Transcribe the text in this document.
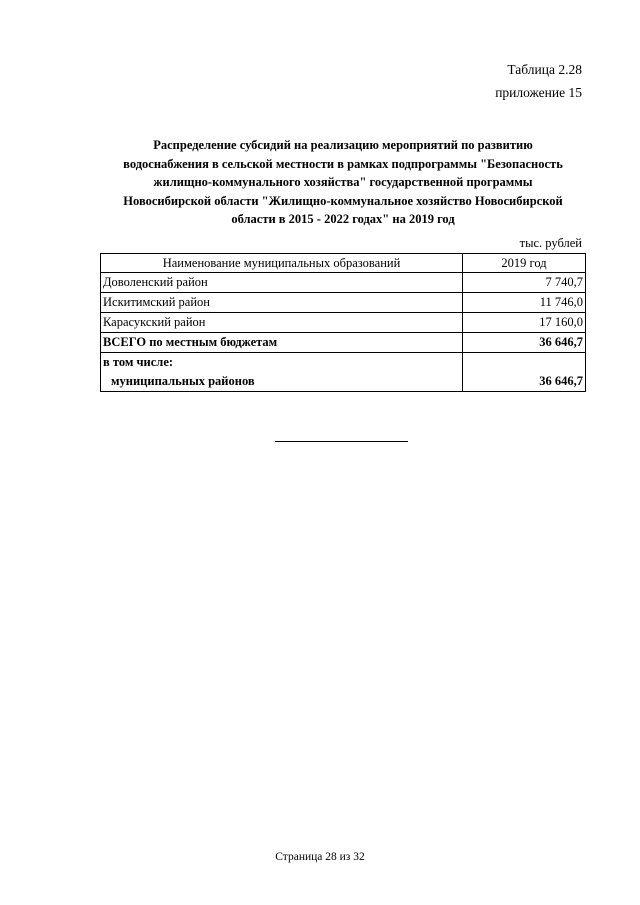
Таблица 2.28
приложение 15
Распределение субсидий на реализацию мероприятий по развитию
водоснабжения в сельской местности в рамках подпрограммы "Безопасность
жилищно-коммунального хозяйства" государственной программы
Новосибирской области "Жилищно-коммунальное хозяйство Новосибирской
области в 2015 - 2022 годах" на 2019 год
тыс. рублей
Наименование муниципальных образований	2019 год
Доволенский район	7 740,7
Искитимский район	11 746,0
Карасукский район	17 160,0
ВСЕГО по местным бюджетам	36 646,7
в том числе:	
муниципальных районов	36 646,7
Страница 28 из 32
